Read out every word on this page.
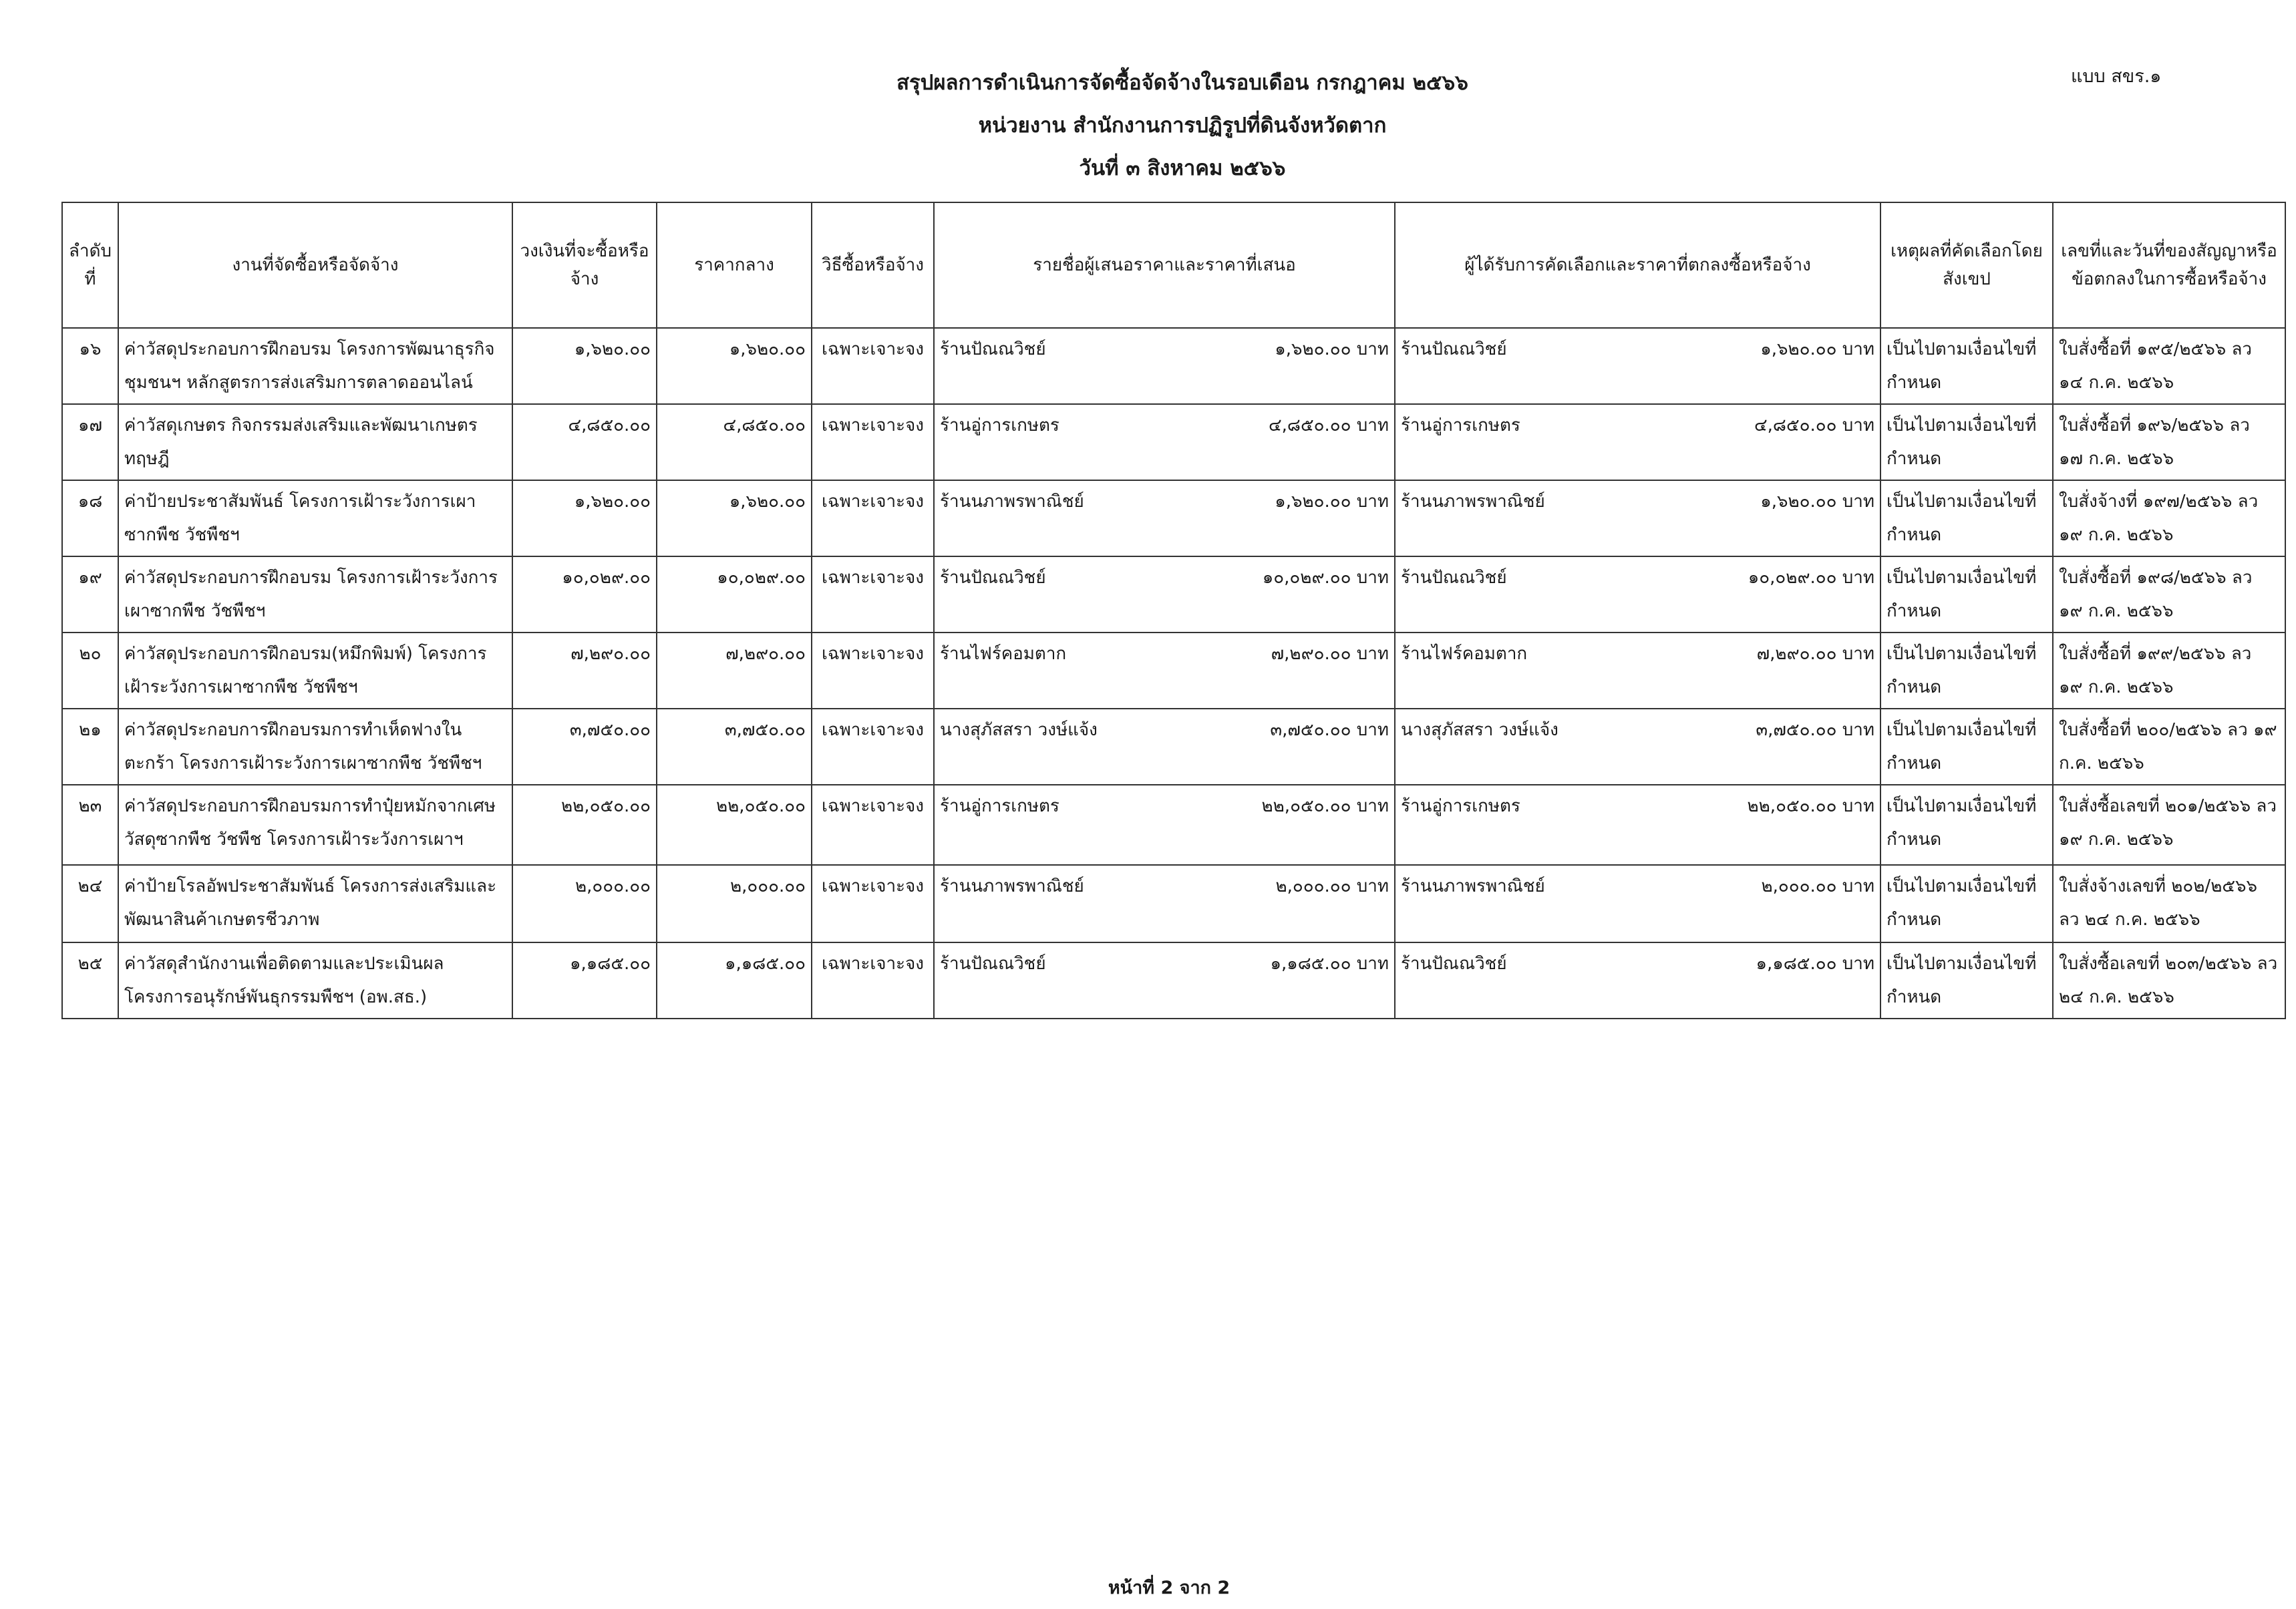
แบบ สขร.๑
สรุปผลการดำเนินการจัดซื้อจัดจ้างในรอบเดือน กรกฎาคม ๒๕๖๖
หน่วยงาน สำนักงานการปฏิรูปที่ดินจังหวัดตาก
วันที่ ๓ สิงหาคม ๒๕๖๖
ลำดับที่	งานที่จัดซื้อหรือจัดจ้าง	วงเงินที่จะซื้อหรือจ้าง	ราคากลาง	วิธีซื้อหรือจ้าง	รายชื่อผู้เสนอราคาและราคาที่เสนอ	ผู้ได้รับการคัดเลือกและราคาที่ตกลงซื้อหรือจ้าง	เหตุผลที่คัดเลือกโดยสังเขป	เลขที่และวันที่ของสัญญาหรือข้อตกลงในการซื้อหรือจ้าง
๑๖	ค่าวัสดุประกอบการฝึกอบรม โครงการพัฒนาธุรกิจชุมชนฯ หลักสูตรการส่งเสริมการตลาดออนไลน์	๑,๖๒๐.๐๐	๑,๖๒๐.๐๐	เฉพาะเจาะจง	ร้านปัณณวิชย์ ๑,๖๒๐.๐๐ บาท	ร้านปัณณวิชย์ ๑,๖๒๐.๐๐ บาท	เป็นไปตามเงื่อนไขที่กำหนด	ใบสั่งซื้อที่ ๑๙๕/๒๕๖๖ ลว ๑๔ ก.ค. ๒๕๖๖
๑๗	ค่าวัสดุเกษตร กิจกรรมส่งเสริมและพัฒนาเกษตรทฤษฎี	๔,๘๕๐.๐๐	๔,๘๕๐.๐๐	เฉพาะเจาะจง	ร้านอู่การเกษตร ๔,๘๕๐.๐๐ บาท	ร้านอู่การเกษตร ๔,๘๕๐.๐๐ บาท	เป็นไปตามเงื่อนไขที่กำหนด	ใบสั่งซื้อที่ ๑๙๖/๒๕๖๖ ลว ๑๗ ก.ค. ๒๕๖๖
๑๘	ค่าป้ายประชาสัมพันธ์ โครงการเฝ้าระวังการเผาซากพืช วัชพืชฯ	๑,๖๒๐.๐๐	๑,๖๒๐.๐๐	เฉพาะเจาะจง	ร้านนภาพรพาณิชย์ ๑,๖๒๐.๐๐ บาท	ร้านนภาพรพาณิชย์ ๑,๖๒๐.๐๐ บาท	เป็นไปตามเงื่อนไขที่กำหนด	ใบสั่งจ้างที่ ๑๙๗/๒๕๖๖ ลว ๑๙ ก.ค. ๒๕๖๖
๑๙	ค่าวัสดุประกอบการฝึกอบรม โครงการเฝ้าระวังการเผาซากพืช วัชพืชฯ	๑๐,๐๒๙.๐๐	๑๐,๐๒๙.๐๐	เฉพาะเจาะจง	ร้านปัณณวิชย์ ๑๐,๐๒๙.๐๐ บาท	ร้านปัณณวิชย์ ๑๐,๐๒๙.๐๐ บาท	เป็นไปตามเงื่อนไขที่กำหนด	ใบสั่งซื้อที่ ๑๙๘/๒๕๖๖ ลว ๑๙ ก.ค. ๒๕๖๖
๒๐	ค่าวัสดุประกอบการฝึกอบรม(หมึกพิมพ์) โครงการเฝ้าระวังการเผาซากพืช วัชพืชฯ	๗,๒๙๐.๐๐	๗,๒๙๐.๐๐	เฉพาะเจาะจง	ร้านไฟร์คอมตาก ๗,๒๙๐.๐๐ บาท	ร้านไฟร์คอมตาก ๗,๒๙๐.๐๐ บาท	เป็นไปตามเงื่อนไขที่กำหนด	ใบสั่งซื้อที่ ๑๙๙/๒๕๖๖ ลว ๑๙ ก.ค. ๒๕๖๖
๒๑	ค่าวัสดุประกอบการฝึกอบรมการทำเห็ดฟางในตะกร้า โครงการเฝ้าระวังการเผาซากพืช วัชพืชฯ	๓,๗๕๐.๐๐	๓,๗๕๐.๐๐	เฉพาะเจาะจง	นางสุภัสสรา วงษ์แจ้ง ๓,๗๕๐.๐๐ บาท	นางสุภัสสรา วงษ์แจ้ง ๓,๗๕๐.๐๐ บาท	เป็นไปตามเงื่อนไขที่กำหนด	ใบสั่งซื้อที่ ๒๐๐/๒๕๖๖ ลว ๑๙ ก.ค. ๒๕๖๖
๒๓	ค่าวัสดุประกอบการฝึกอบรมการทำปุ๋ยหมักจากเศษวัสดุซากพืช วัชพืช โครงการเฝ้าระวังการเผาฯ	๒๒,๐๕๐.๐๐	๒๒,๐๕๐.๐๐	เฉพาะเจาะจง	ร้านอู่การเกษตร ๒๒,๐๕๐.๐๐ บาท	ร้านอู่การเกษตร ๒๒,๐๕๐.๐๐ บาท	เป็นไปตามเงื่อนไขที่กำหนด	ใบสั่งซื้อเลขที่ ๒๐๑/๒๕๖๖ ลว ๑๙ ก.ค. ๒๕๖๖
๒๔	ค่าป้ายโรลอัพประชาสัมพันธ์ โครงการส่งเสริมและพัฒนาสินค้าเกษตรชีวภาพ	๒,๐๐๐.๐๐	๒,๐๐๐.๐๐	เฉพาะเจาะจง	ร้านนภาพรพาณิชย์ ๒,๐๐๐.๐๐ บาท	ร้านนภาพรพาณิชย์ ๒,๐๐๐.๐๐ บาท	เป็นไปตามเงื่อนไขที่กำหนด	ใบสั่งจ้างเลขที่ ๒๐๒/๒๕๖๖ ลว ๒๔ ก.ค. ๒๕๖๖
๒๕	ค่าวัสดุสำนักงานเพื่อติดตามและประเมินผลโครงการอนุรักษ์พันธุกรรมพืชฯ (อพ.สธ.)	๑,๑๘๕.๐๐	๑,๑๘๕.๐๐	เฉพาะเจาะจง	ร้านปัณณวิชย์ ๑,๑๘๕.๐๐ บาท	ร้านปัณณวิชย์ ๑,๑๘๕.๐๐ บาท	เป็นไปตามเงื่อนไขที่กำหนด	ใบสั่งซื้อเลขที่ ๒๐๓/๒๕๖๖ ลว ๒๔ ก.ค. ๒๕๖๖
หน้าที่ 2 จาก 2
